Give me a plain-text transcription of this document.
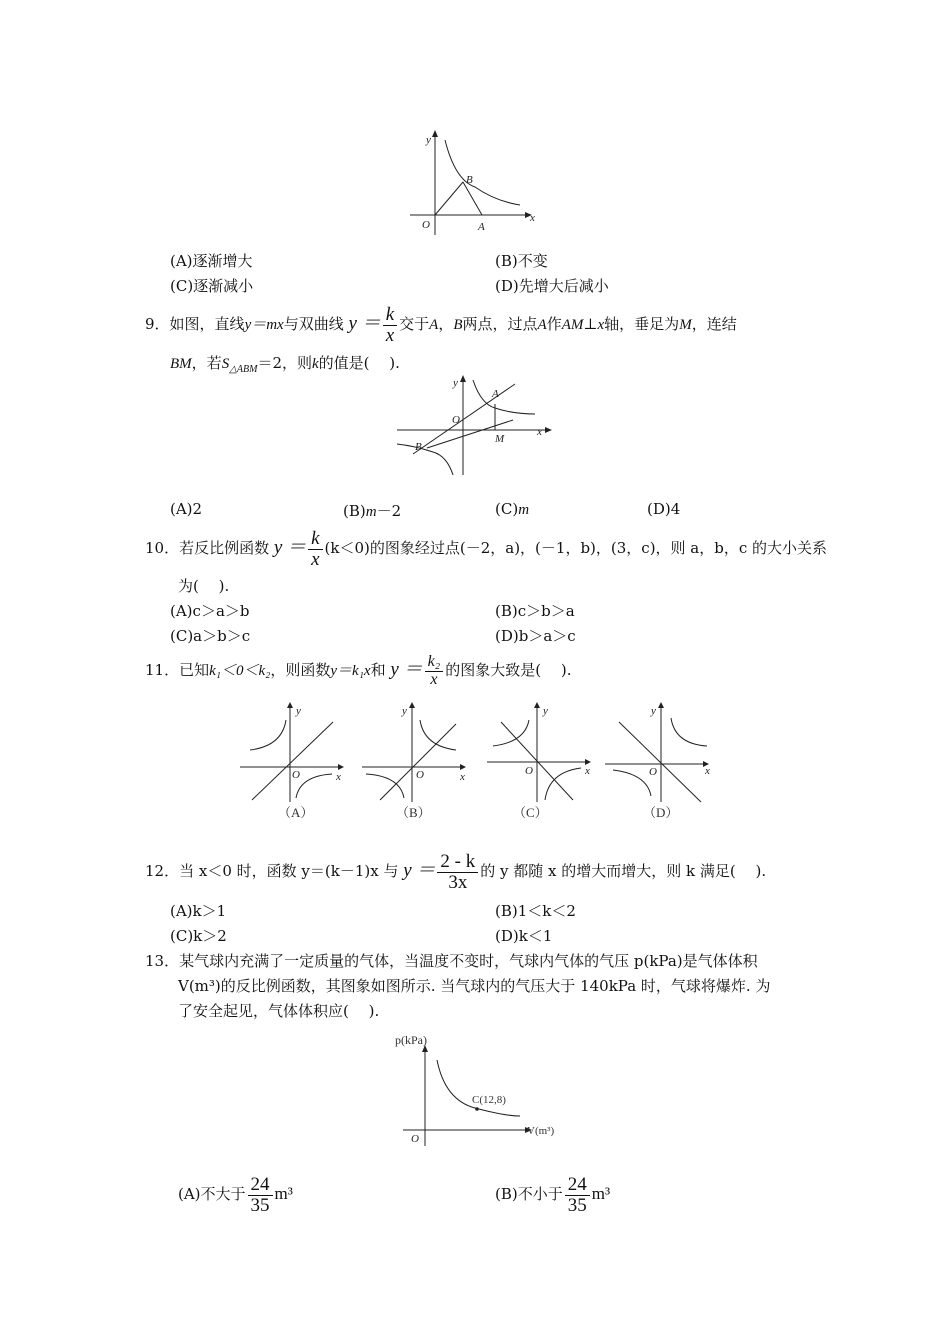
y
x
O	A
B
(A)逐渐增大	(B)不变
(C)逐渐减小	(D)先增大后减小
9．如图，直线y＝mx与双曲线 $y = \frac{k}{x}$ 交于A，B两点，过点A作AM⊥x轴，垂足为M，连结
BM，若$S_{\triangle ABM}=2$，则k的值是(　 ).
y
x
O
A
B
M
(A)2	(B)m－2	(C)m	(D)4
10．若反比例函数 $y = \frac{k}{x} (k<0)$的图象经过点(－2，a)，(－1，b)，(3，c)，则 a，b，c 的大小关系
为(　 ).
(A)c＞a＞b	(B)c＞b＞a
(C)a＞b＞c	(D)b＞a＞c
11．已知k₁＜0＜k₂，则函数y＝k₁x和 $y = \frac{\text{k₂}}{x}$ 的图象大致是(　 ).
y
x
O
（A）
y
x
O
（B）
y
x
O
（C）
y
x
O
（D）
12．当 x＜0 时，函数 y＝(k－1)x 与 $y = \frac{2 - k}{3x}$ 的 y 都随 x 的增大而增大，则 k 满足(　 ).
(A)k＞1	(B)1＜k＜2
(C)k＞2	(D)k＜1
13．某气球内充满了一定质量的气体，当温度不变时，气球内气体的气压 p(kPa)是气体体积
V(m³)的反比例函数，其图象如图所示. 当气球内的气压大于 140kPa 时，气球将爆炸. 为
了安全起见，气体体积应(　 ).
p(kPa)
V(m³)
O
C(12,8)
(A)不大于 $\frac{24}{35} m^3$	(B)不小于 $\frac{24}{35} m^3$
